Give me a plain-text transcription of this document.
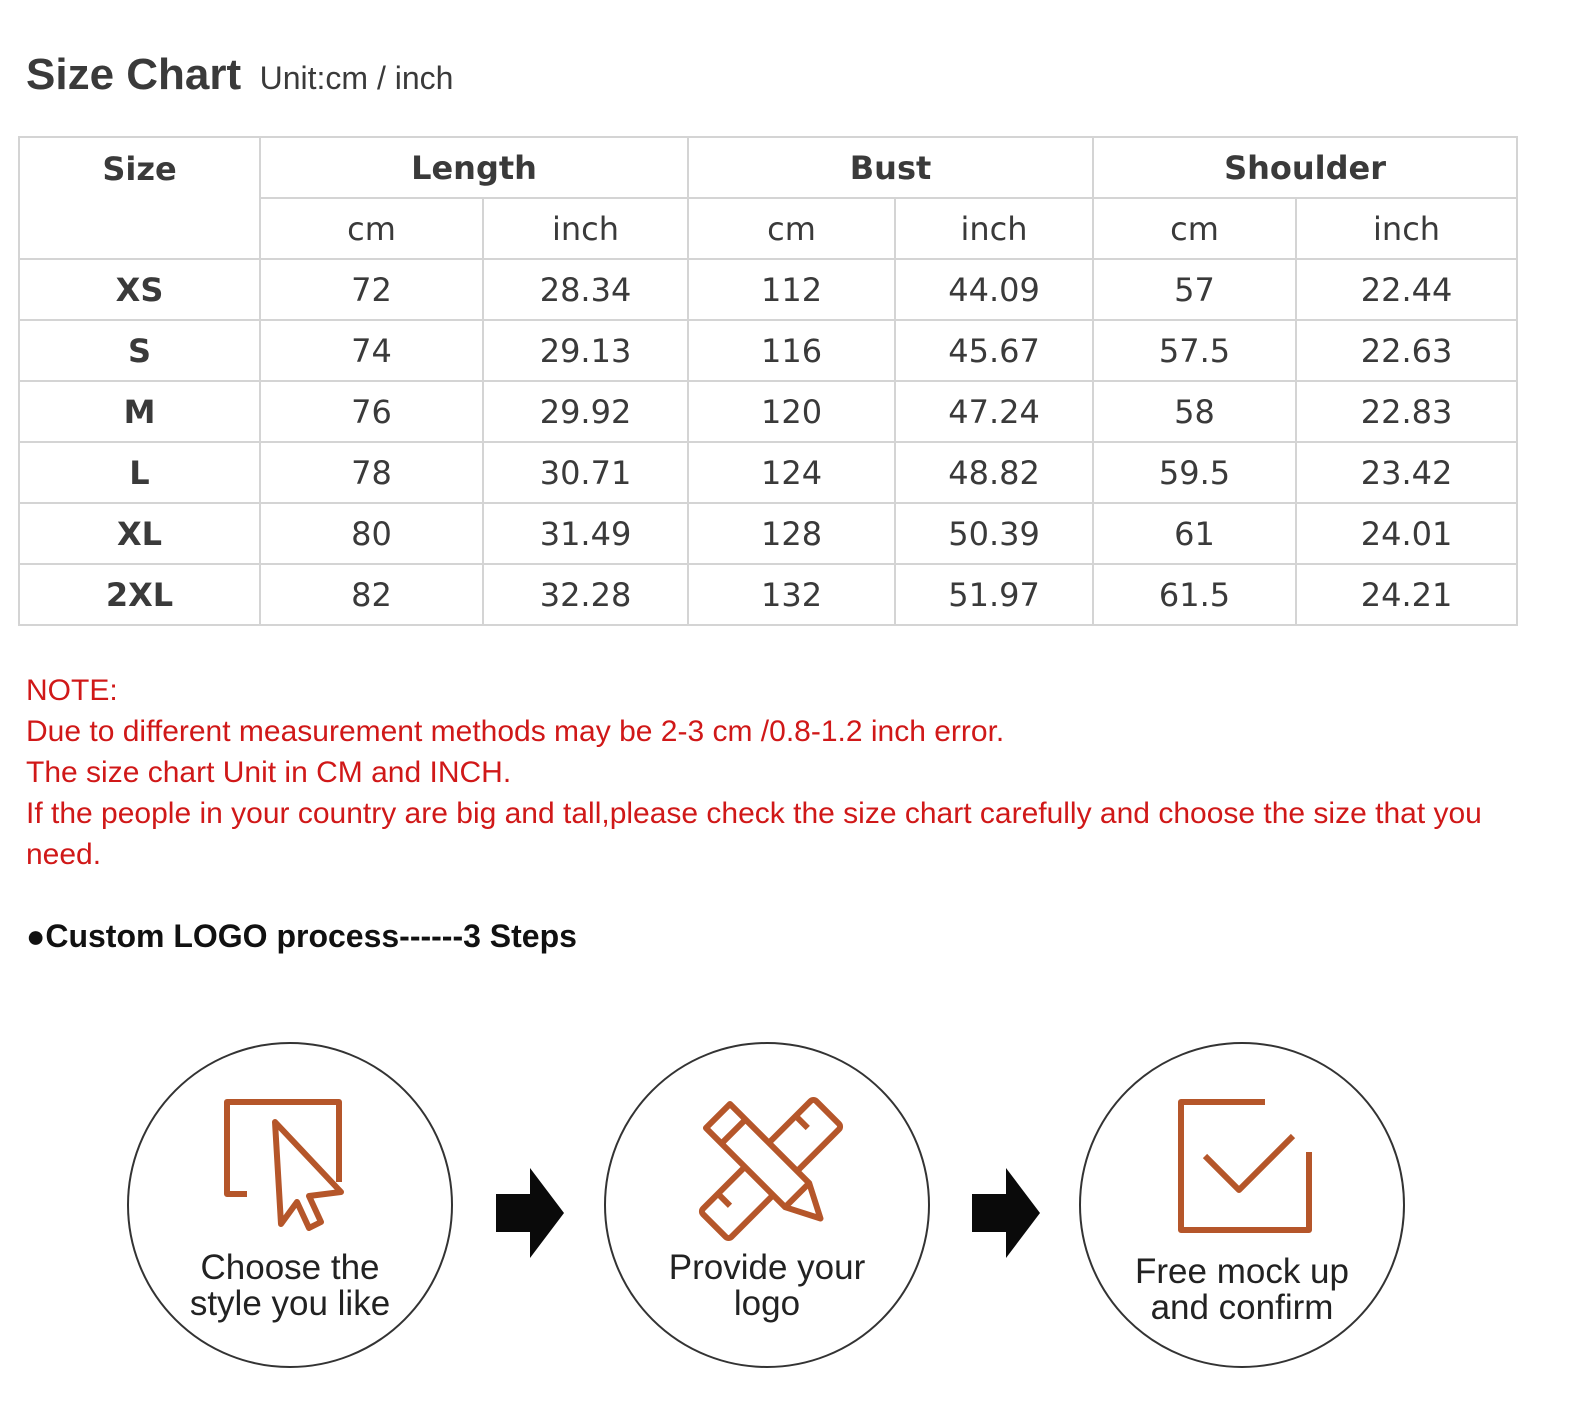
Size Chart Unit:cm / inch
Size	Length		Bust		Shoulder	
	cm	inch	cm	inch	cm	inch
XS	72	28.34	112	44.09	57	22.44
S	74	29.13	116	45.67	57.5	22.63
M	76	29.92	120	47.24	58	22.83
L	78	30.71	124	48.82	59.5	23.42
XL	80	31.49	128	50.39	61	24.01
2XL	82	32.28	132	51.97	61.5	24.21

NOTE:

Due to different measurement methods may be 2-3 cm /0.8-1.2 inch error.

The size chart Unit in CM and INCH.

If the people in your country are big and tall,please check the size chart carefully and choose the size that you need.

●Custom LOGO process------3 Steps
Choose the
style you like
Provide your
logo
Free mock up
and confirm
